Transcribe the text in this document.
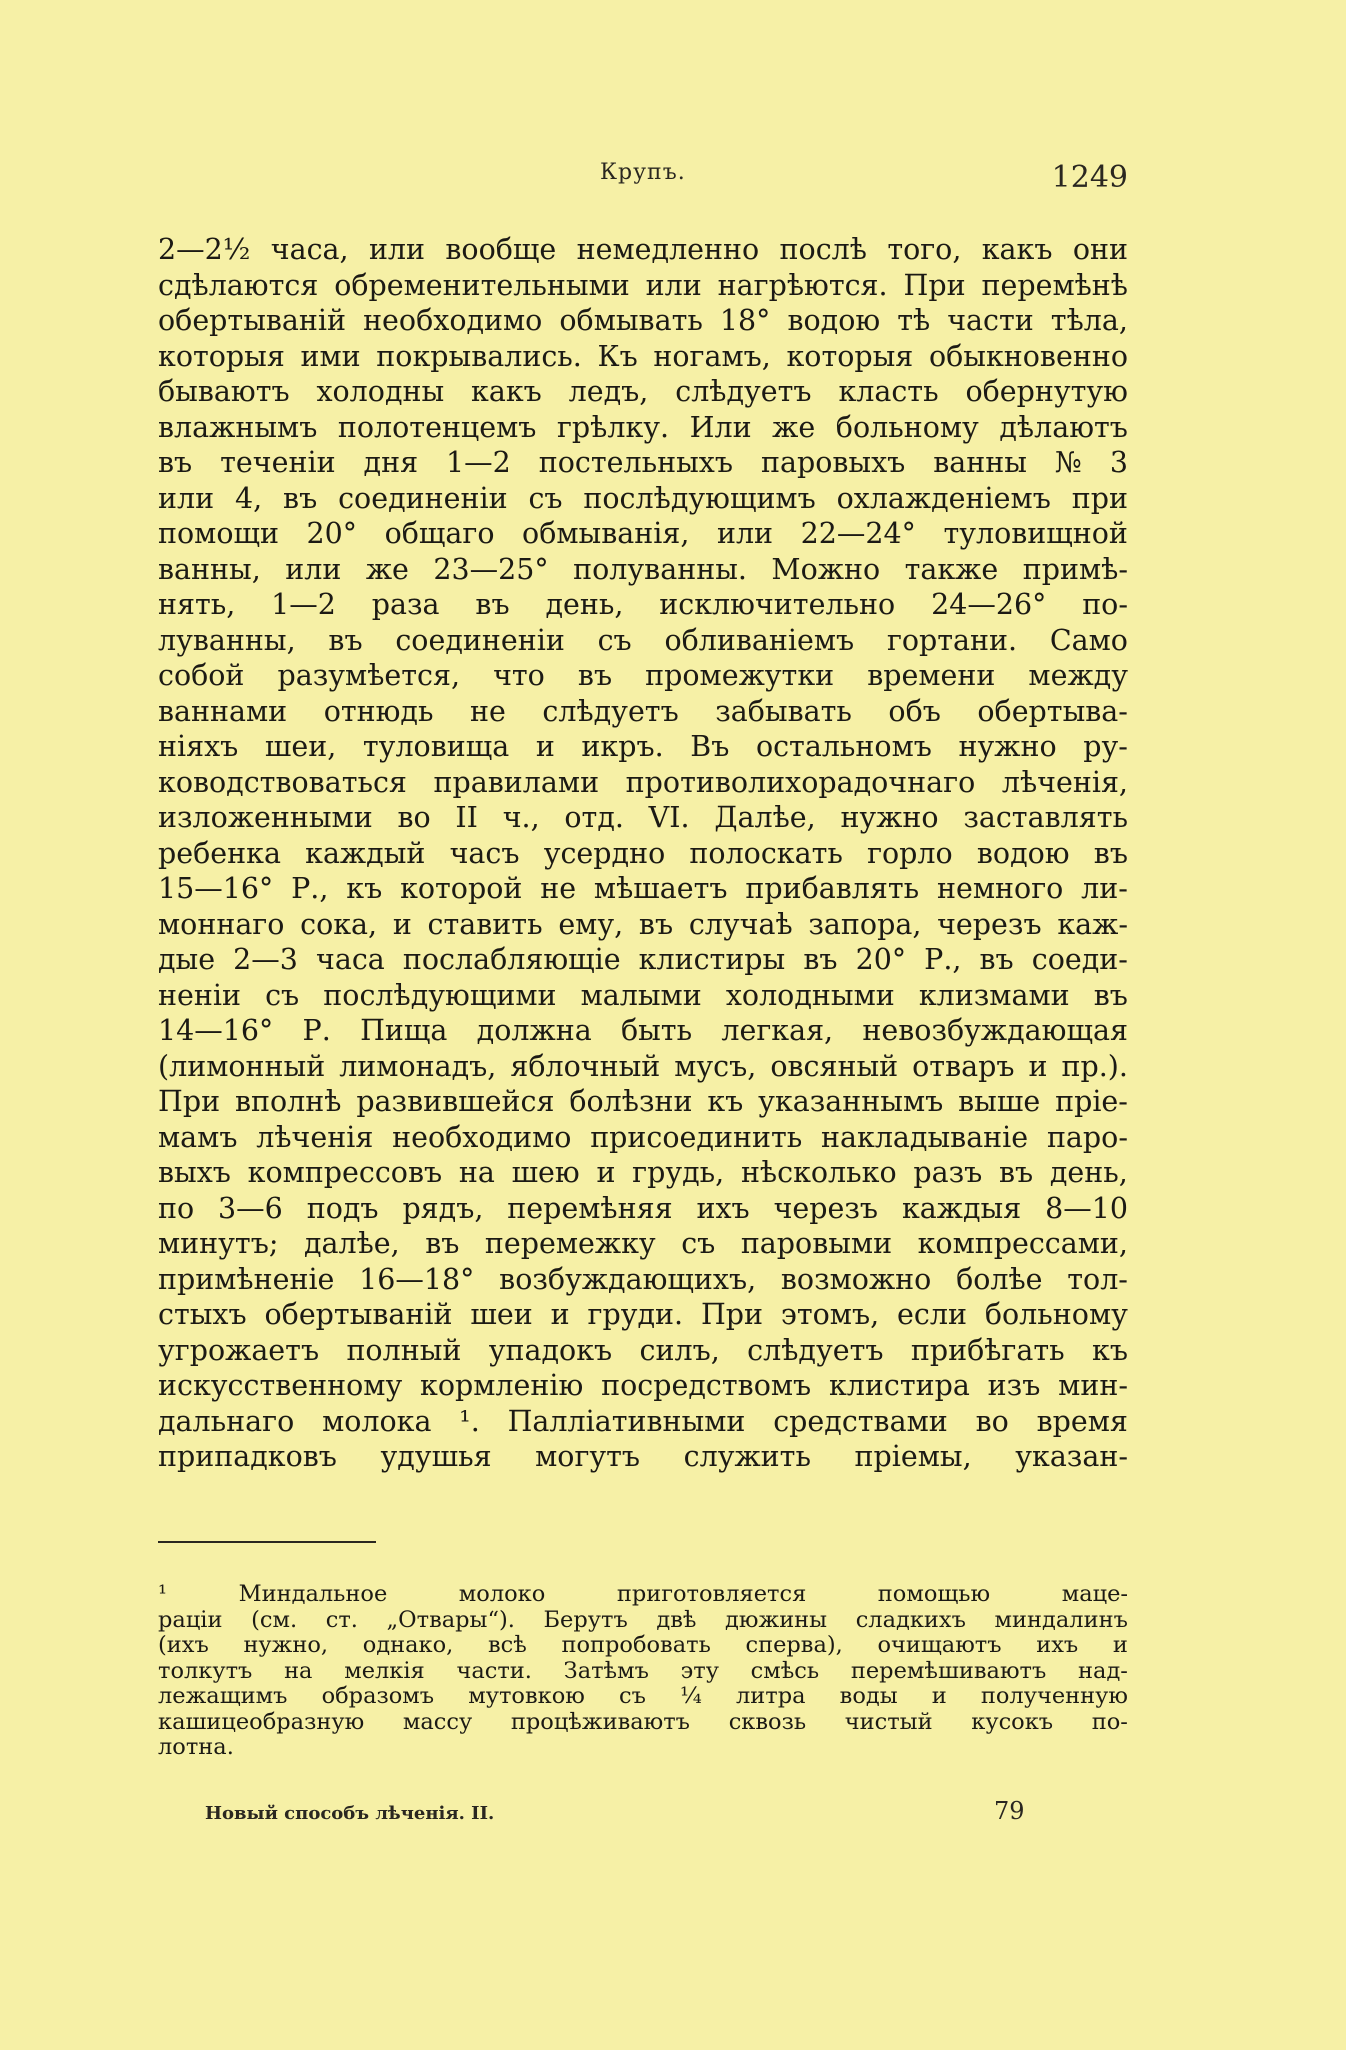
Крупъ.	1249
2—2½ часа, или вообще немедленно послѣ того, какъ они
сдѣлаются обременительными или нагрѣются. При перемѣнѣ
обертываній необходимо обмывать 18° водою тѣ части тѣла,
которыя ими покрывались. Къ ногамъ, которыя обыкновенно
бываютъ холодны какъ ледъ, слѣдуетъ класть обернутую
влажнымъ полотенцемъ грѣлку. Или же больному дѣлаютъ
въ теченіи дня 1—2 постельныхъ паровыхъ ванны № 3
или 4, въ соединеніи съ послѣдующимъ охлажденіемъ при
помощи 20° общаго обмыванія, или 22—24° туловищной
ванны, или же 23—25° полуванны. Можно также примѣ-
нять, 1—2 раза въ день, исключительно 24—26° по-
луванны, въ соединеніи съ обливаніемъ гортани. Само
собой разумѣется, что въ промежутки времени между
ваннами отнюдь не слѣдуетъ забывать объ обертыва-
ніяхъ шеи, туловища и икръ. Въ остальномъ нужно ру-
ководствоваться правилами противолихорадочнаго лѣченія,
изложенными во II ч., отд. VI. Далѣе, нужно заставлять
ребенка каждый часъ усердно полоскать горло водою въ
15—16° Р., къ которой не мѣшаетъ прибавлять немного ли-
моннаго сока, и ставить ему, въ случаѣ запора, черезъ каж-
дые 2—3 часа послабляющіе клистиры въ 20° Р., въ соеди-
неніи съ послѣдующими малыми холодными клизмами въ
14—16° Р. Пища должна быть легкая, невозбуждающая
(лимонный лимонадъ, яблочный мусъ, овсяный отваръ и пр.).
При вполнѣ развившейся болѣзни къ указаннымъ выше пріе-
мамъ лѣченія необходимо присоединить накладываніе паро-
выхъ компрессовъ на шею и грудь, нѣсколько разъ въ день,
по 3—6 подъ рядъ, перемѣняя ихъ черезъ каждыя 8—10
минутъ; далѣе, въ перемежку съ паровыми компрессами,
примѣненіе 16—18° возбуждающихъ, возможно болѣе тол-
стыхъ обертываній шеи и груди. При этомъ, если больному
угрожаетъ полный упадокъ силъ, слѣдуетъ прибѣгать къ
искусственному кормленію посредствомъ клистира изъ мин-
дальнаго молока ¹. Палліативными средствами во время
припадковъ удушья могутъ служить пріемы, указан-
¹	Миндальное	молоко	приготовляется	помощью	маце-
раціи (см. ст. „Отвары“). Берутъ двѣ дюжины сладкихъ миндалинъ
(ихъ нужно, однако, всѣ попробовать сперва), очищаютъ ихъ и
толкутъ на мелкія части. Затѣмъ эту смѣсь перемѣшиваютъ над-
лежащимъ образомъ мутовкою съ ¼ литра воды и полученную
кашицеобразную массу процѣживаютъ сквозь чистый кусокъ по-
лотна.
Новый способъ лѣченія. II.	79
